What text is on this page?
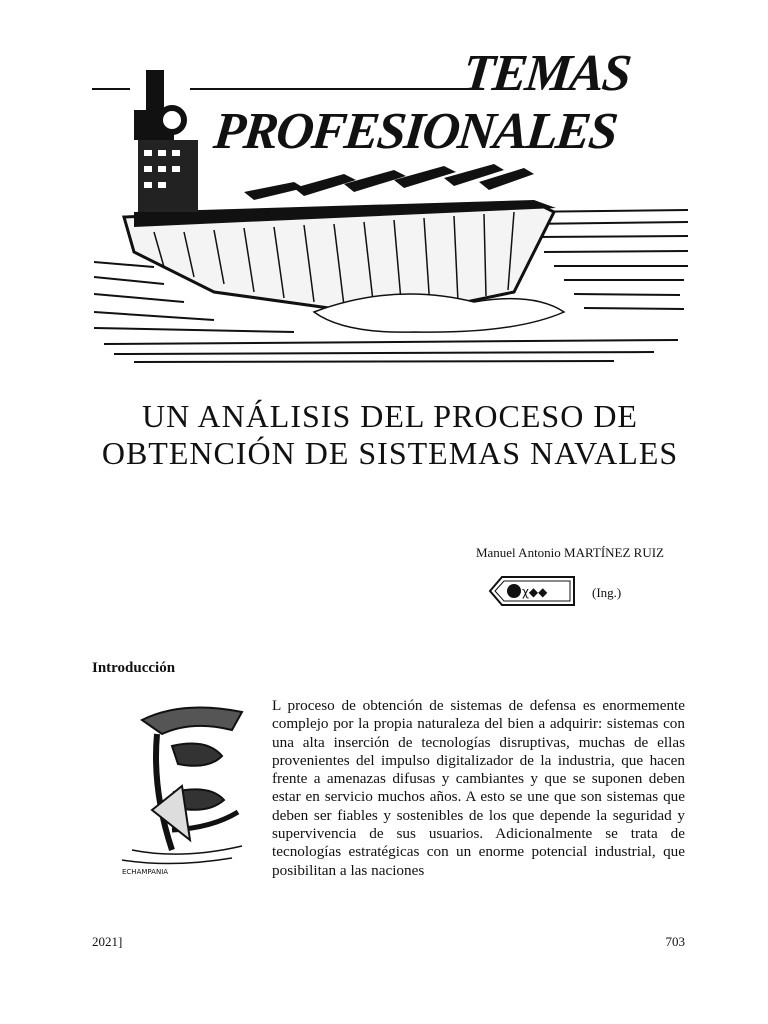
TEMAS
PROFESIONALES
UN ANÁLISIS DEL PROCESO DE OBTENCIÓN DE SISTEMAS NAVALES
Manuel Antonio MARTÍNEZ RUIZ
χ◆◆	(Ing.)
Introducción
ECHAMPANIA
L proceso de obtención de sistemas de defensa es enormemente complejo por la propia naturaleza del bien a adquirir: sistemas con una alta inserción de tecnologías disruptivas, muchas de ellas provenientes del impulso digitalizador de la industria, que hacen frente a amenazas difusas y cambiantes y que se suponen deben estar en servicio muchos años. A esto se une que son sistemas que deben ser fiables y sostenibles de los que depende la seguridad y supervivencia de sus usuarios. Adicionalmente se trata de tecnologías estratégicas con un enorme potencial industrial, que posibilitan a las naciones
2021]	703
